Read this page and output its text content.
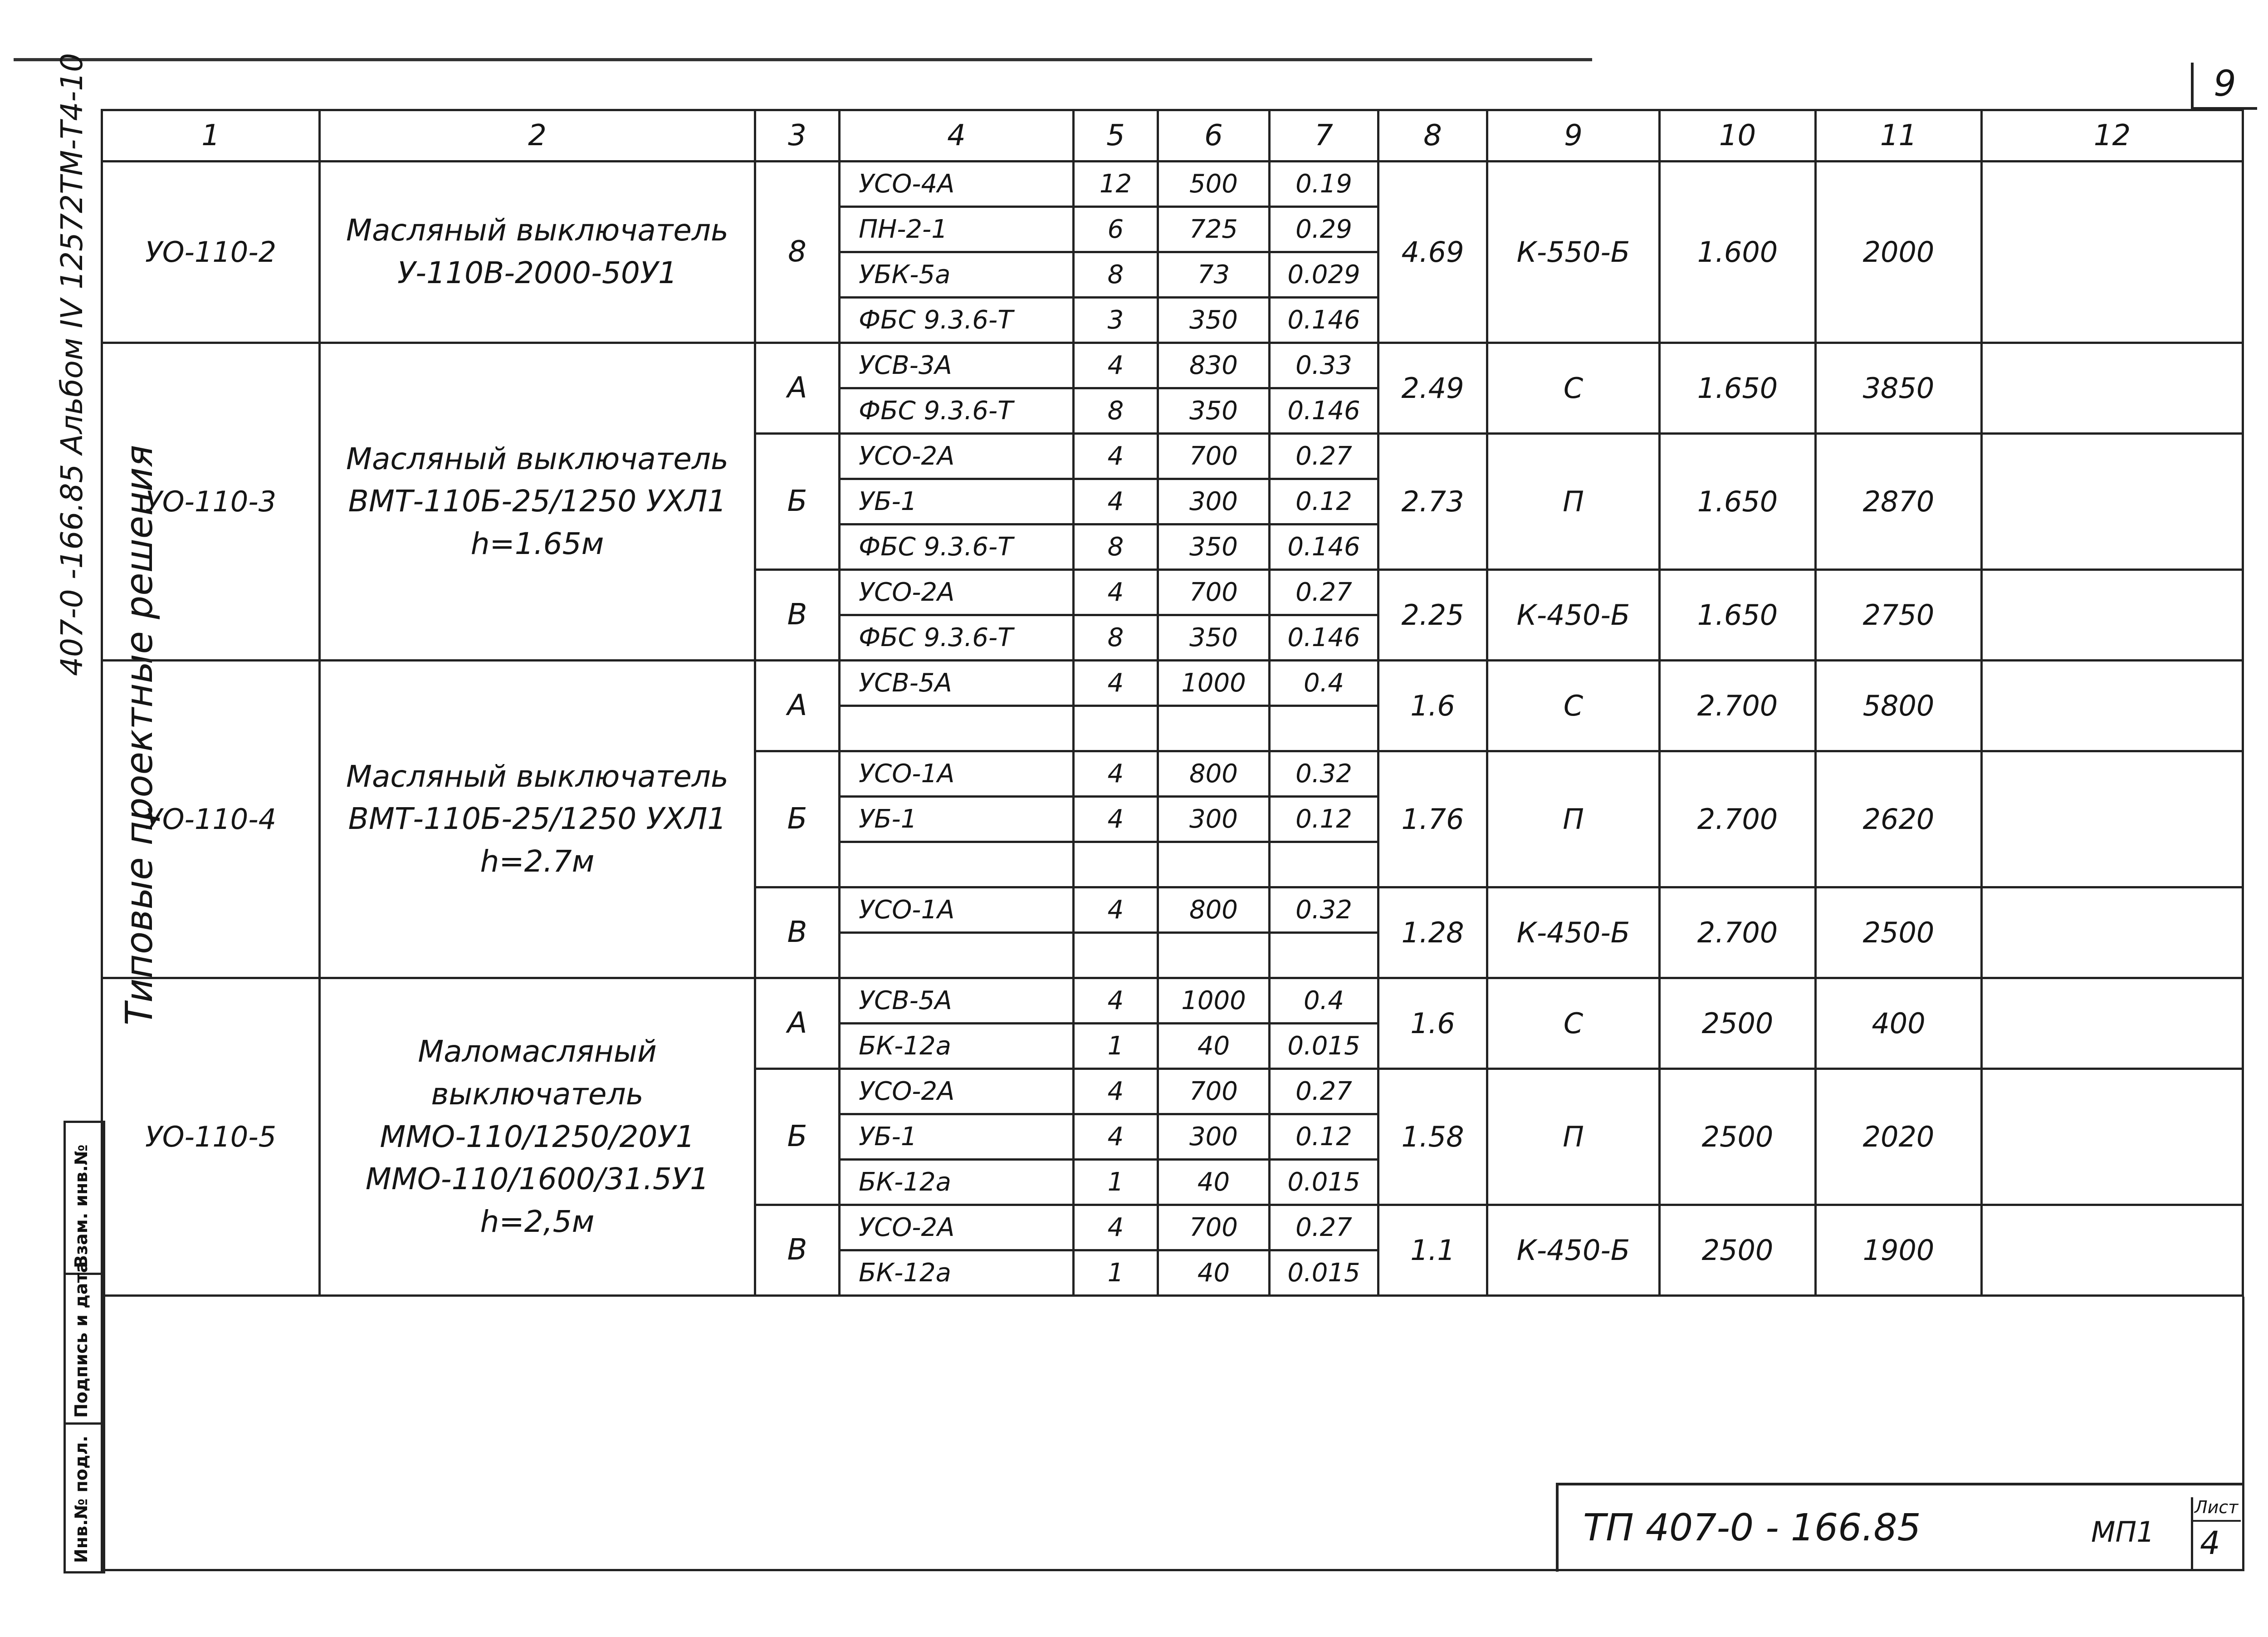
9
Типовые проектные решения
407-0 -166.85 Альбом IV 12572ТМ-Т4-10	1	2	3	4	5	6	7	8	9	10	11	12
УО-110-2	Масляный выключатель У-110В-2000-50У1	8	УСО-4А	12	500	0.19	4.69	К-550-Б	1.600	2000	
			ПН-2-1	6	725	0.29					
			УБК-5а	8	73	0.029					
			ФБС 9.3.6-Т	3	350	0.146					
УО-110-3	Масляный выключатель ВМТ-110Б-25/1250 УХЛ1 h=1.65м	А	УСВ-3А	4	830	0.33	2.49	С	1.650	3850	
			ФБС 9.3.6-Т	8	350	0.146					
		Б	УСО-2А	4	700	0.27	2.73	П	1.650	2870	
			УБ-1	4	300	0.12					
			ФБС 9.3.6-Т	8	350	0.146					
		В	УСО-2А	4	700	0.27	2.25	К-450-Б	1.650	2750	
			ФБС 9.3.6-Т	8	350	0.146					
УО-110-4	Масляный выключатель ВМТ-110Б-25/1250 УХЛ1 h=2.7м	А	УСВ-5А	4	1000	0.4	1.6	С	2.700	5800	

		Б	УСО-1А	4	800	0.32	1.76	П	2.700	2620	
			УБ-1	4	300	0.12					

		В	УСО-1А	4	800	0.32	1.28	К-450-Б	2.700	2500	

УО-110-5	Маломасляный выключатель ММО-110/1250/20У1 ММО-110/1600/31.5У1 h=2,5м	А	УСВ-5А	4	1000	0.4	1.6	С	2500	400	
			БК-12а	1	40	0.015					
		Б	УСО-2А	4	700	0.27	1.58	П	2500	2020	
			УБ-1	4	300	0.12					
			БК-12а	1	40	0.015					
		В	УСО-2А	4	700	0.27	1.1	К-450-Б	2500	1900	
			БК-12а	1	40	0.015					
Взам. инв.№
Подпись и дата
Инв.№ подл.	ТП 407-0 - 166.85	МП1
Лист
4
